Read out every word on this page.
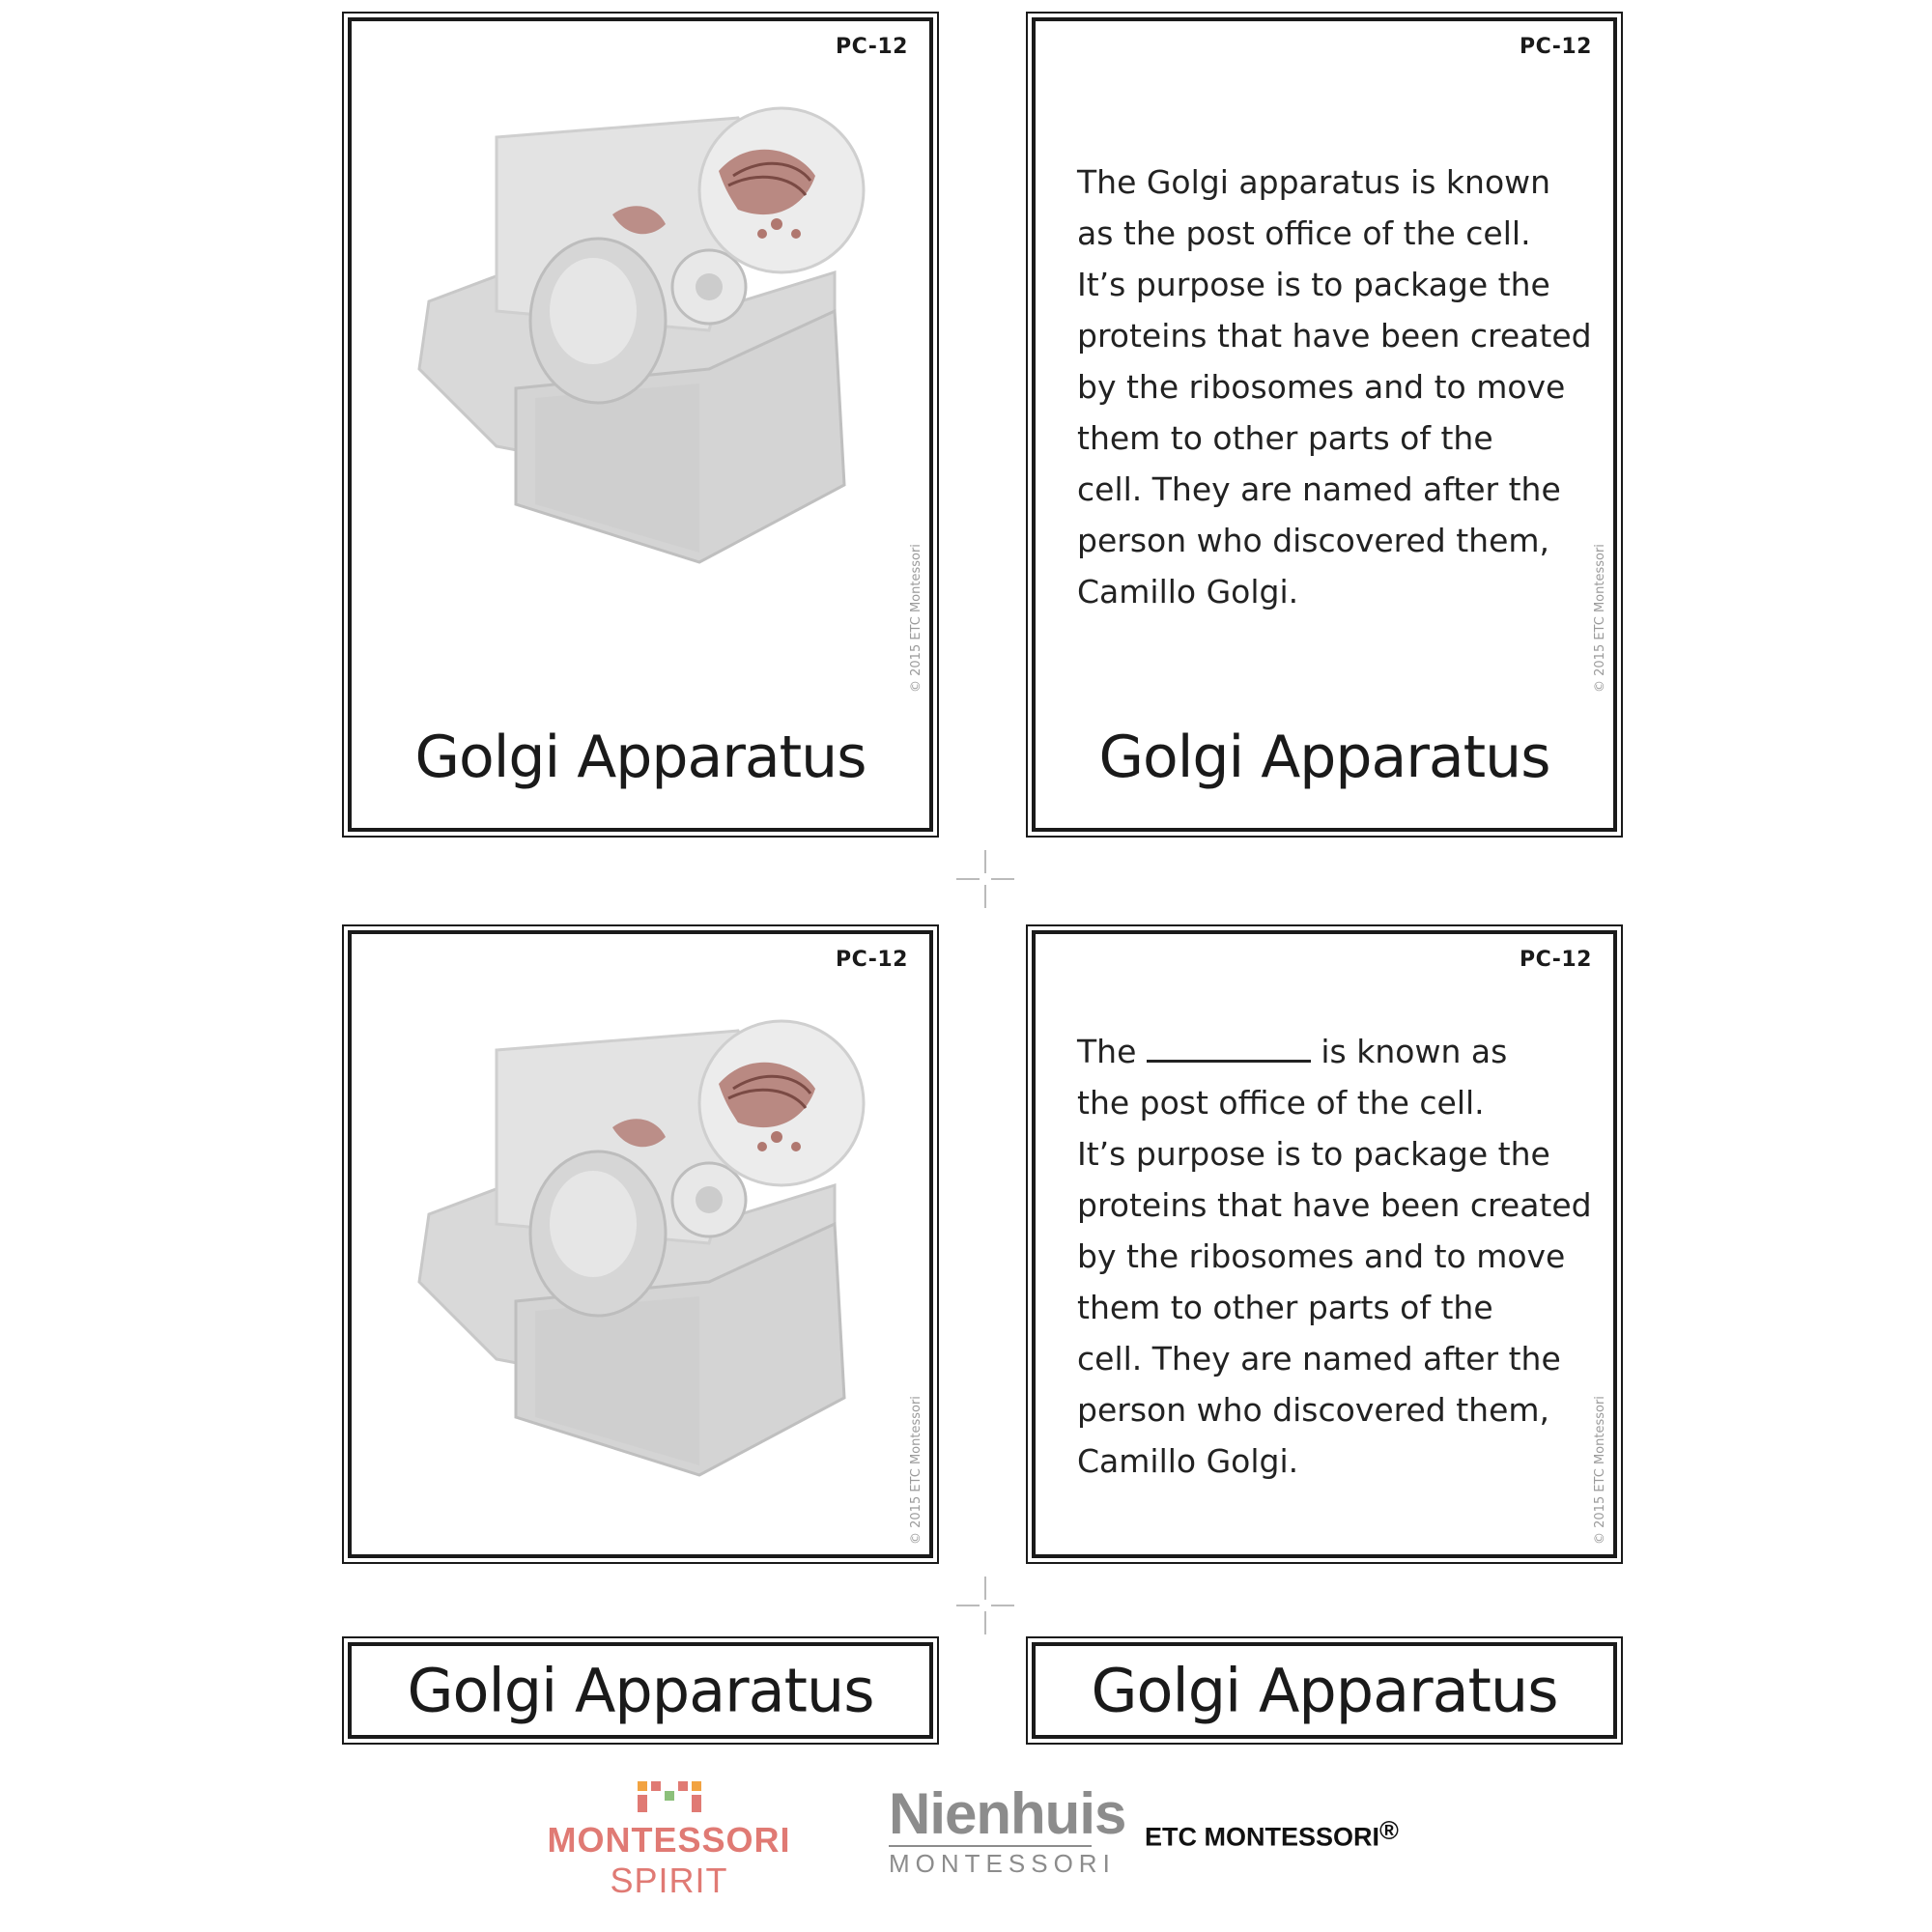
PC-12
© 2015 ETC Montessori
Golgi Apparatus
PC-12
The Golgi apparatus is known
as the post office of the cell.
It’s purpose is to package the
proteins that have been created
by the ribosomes and to move
them to other parts of the
cell. They are named after the
person who discovered them,
Camillo Golgi.	© 2015 ETC Montessori
Golgi Apparatus
PC-12
© 2015 ETC Montessori
PC-12
The	is known as
the post office of the cell.
It’s purpose is to package the
proteins that have been created
by the ribosomes and to move
them to other parts of the
cell. They are named after the
person who discovered them,
Camillo Golgi.	© 2015 ETC Montessori
Golgi Apparatus	Golgi Apparatus
MONTESSORI SPIRIT
Nienhuis
MONTESSORI
ETC MONTESSORI®
